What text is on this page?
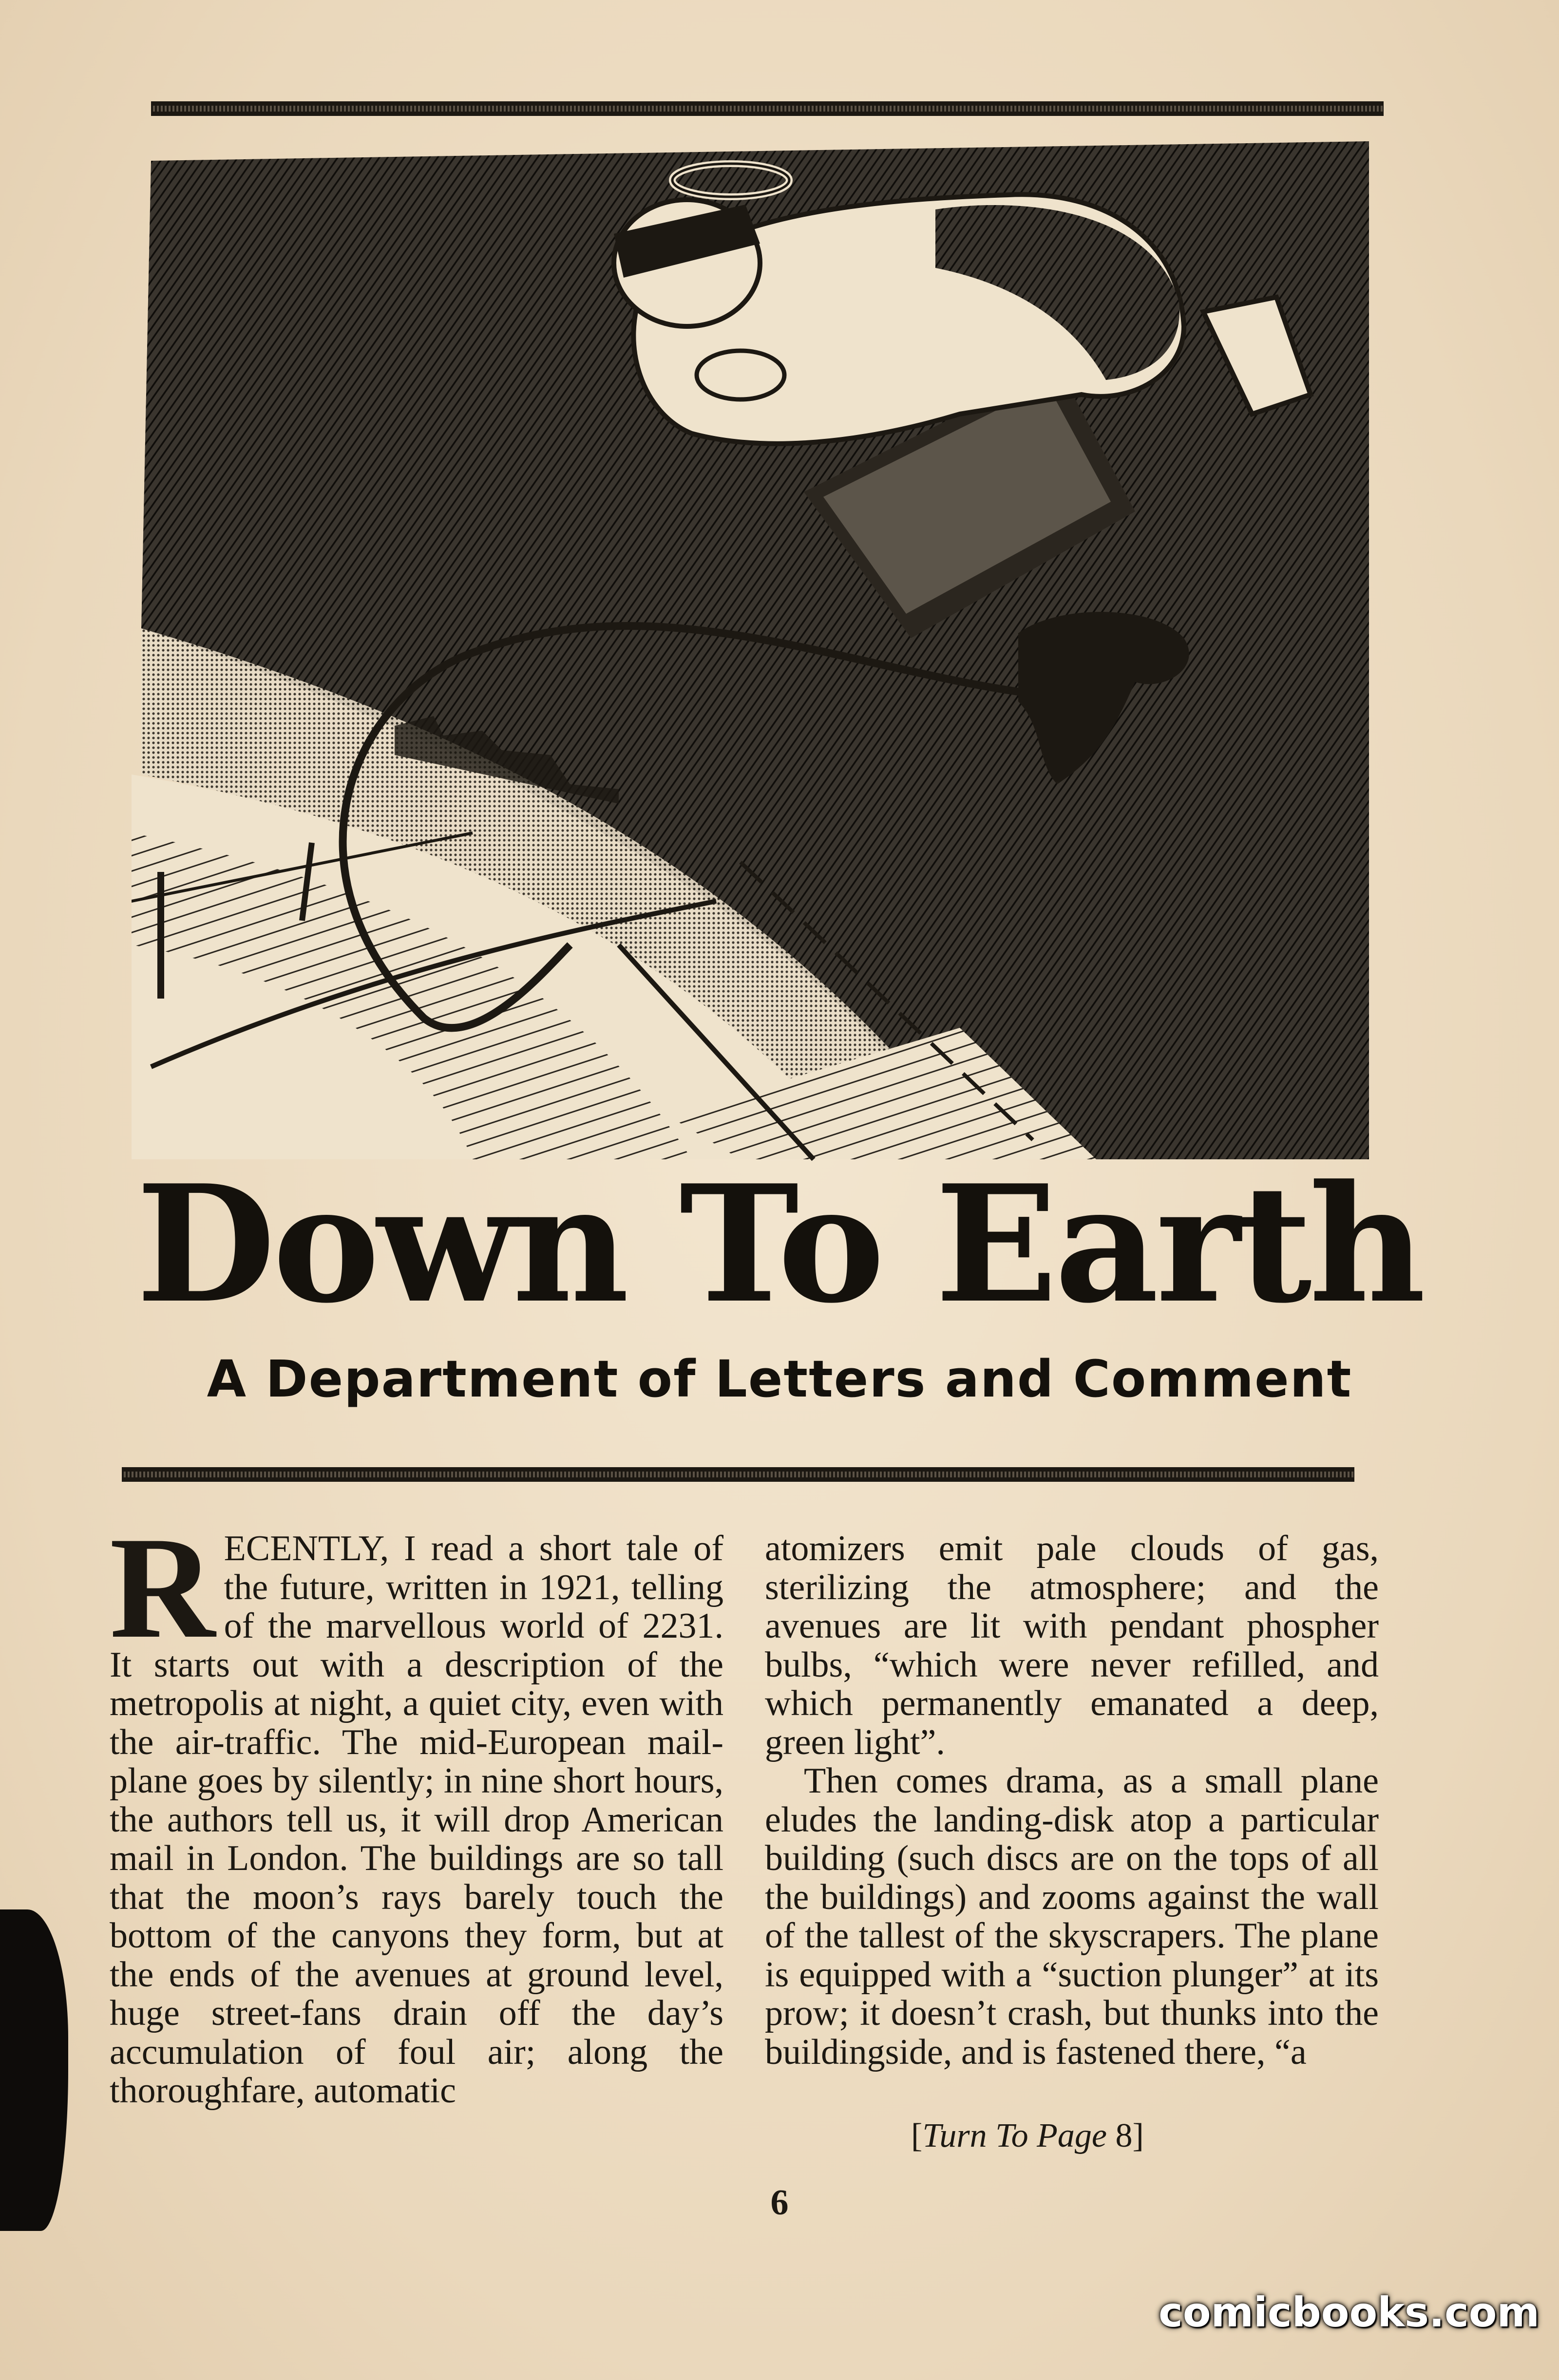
Down To Earth
A Department of Letters and Comment

RECENTLY, I read a short tale of the future, written in 1921, telling of the marvellous world of 2231. It starts out with a description of the metropolis at night, a quiet city, even with the air-traffic. The mid-European mail-plane goes by silently; in nine short hours, the authors tell us, it will drop American mail in London. The buildings are so tall that the moon’s rays barely touch the bottom of the canyons they form, but at the ends of the avenues at ground level, huge street-fans drain off the day’s accumulation of foul air; along the thoroughfare, automatic

atomizers emit pale clouds of gas, sterilizing the atmosphere; and the avenues are lit with pendant phospher bulbs, “which were never refilled, and which permanently emanated a deep, green light”.

Then comes drama, as a small plane eludes the landing-disk atop a particular building (such discs are on the tops of all the buildings) and zooms against the wall of the tallest of the skyscrapers. The plane is equipped with a “suction plunger” at its prow; it doesn’t crash, but thunks into the buildingside, and is fastened there, “a

[Turn To Page 8]
6
comicbooks.com
